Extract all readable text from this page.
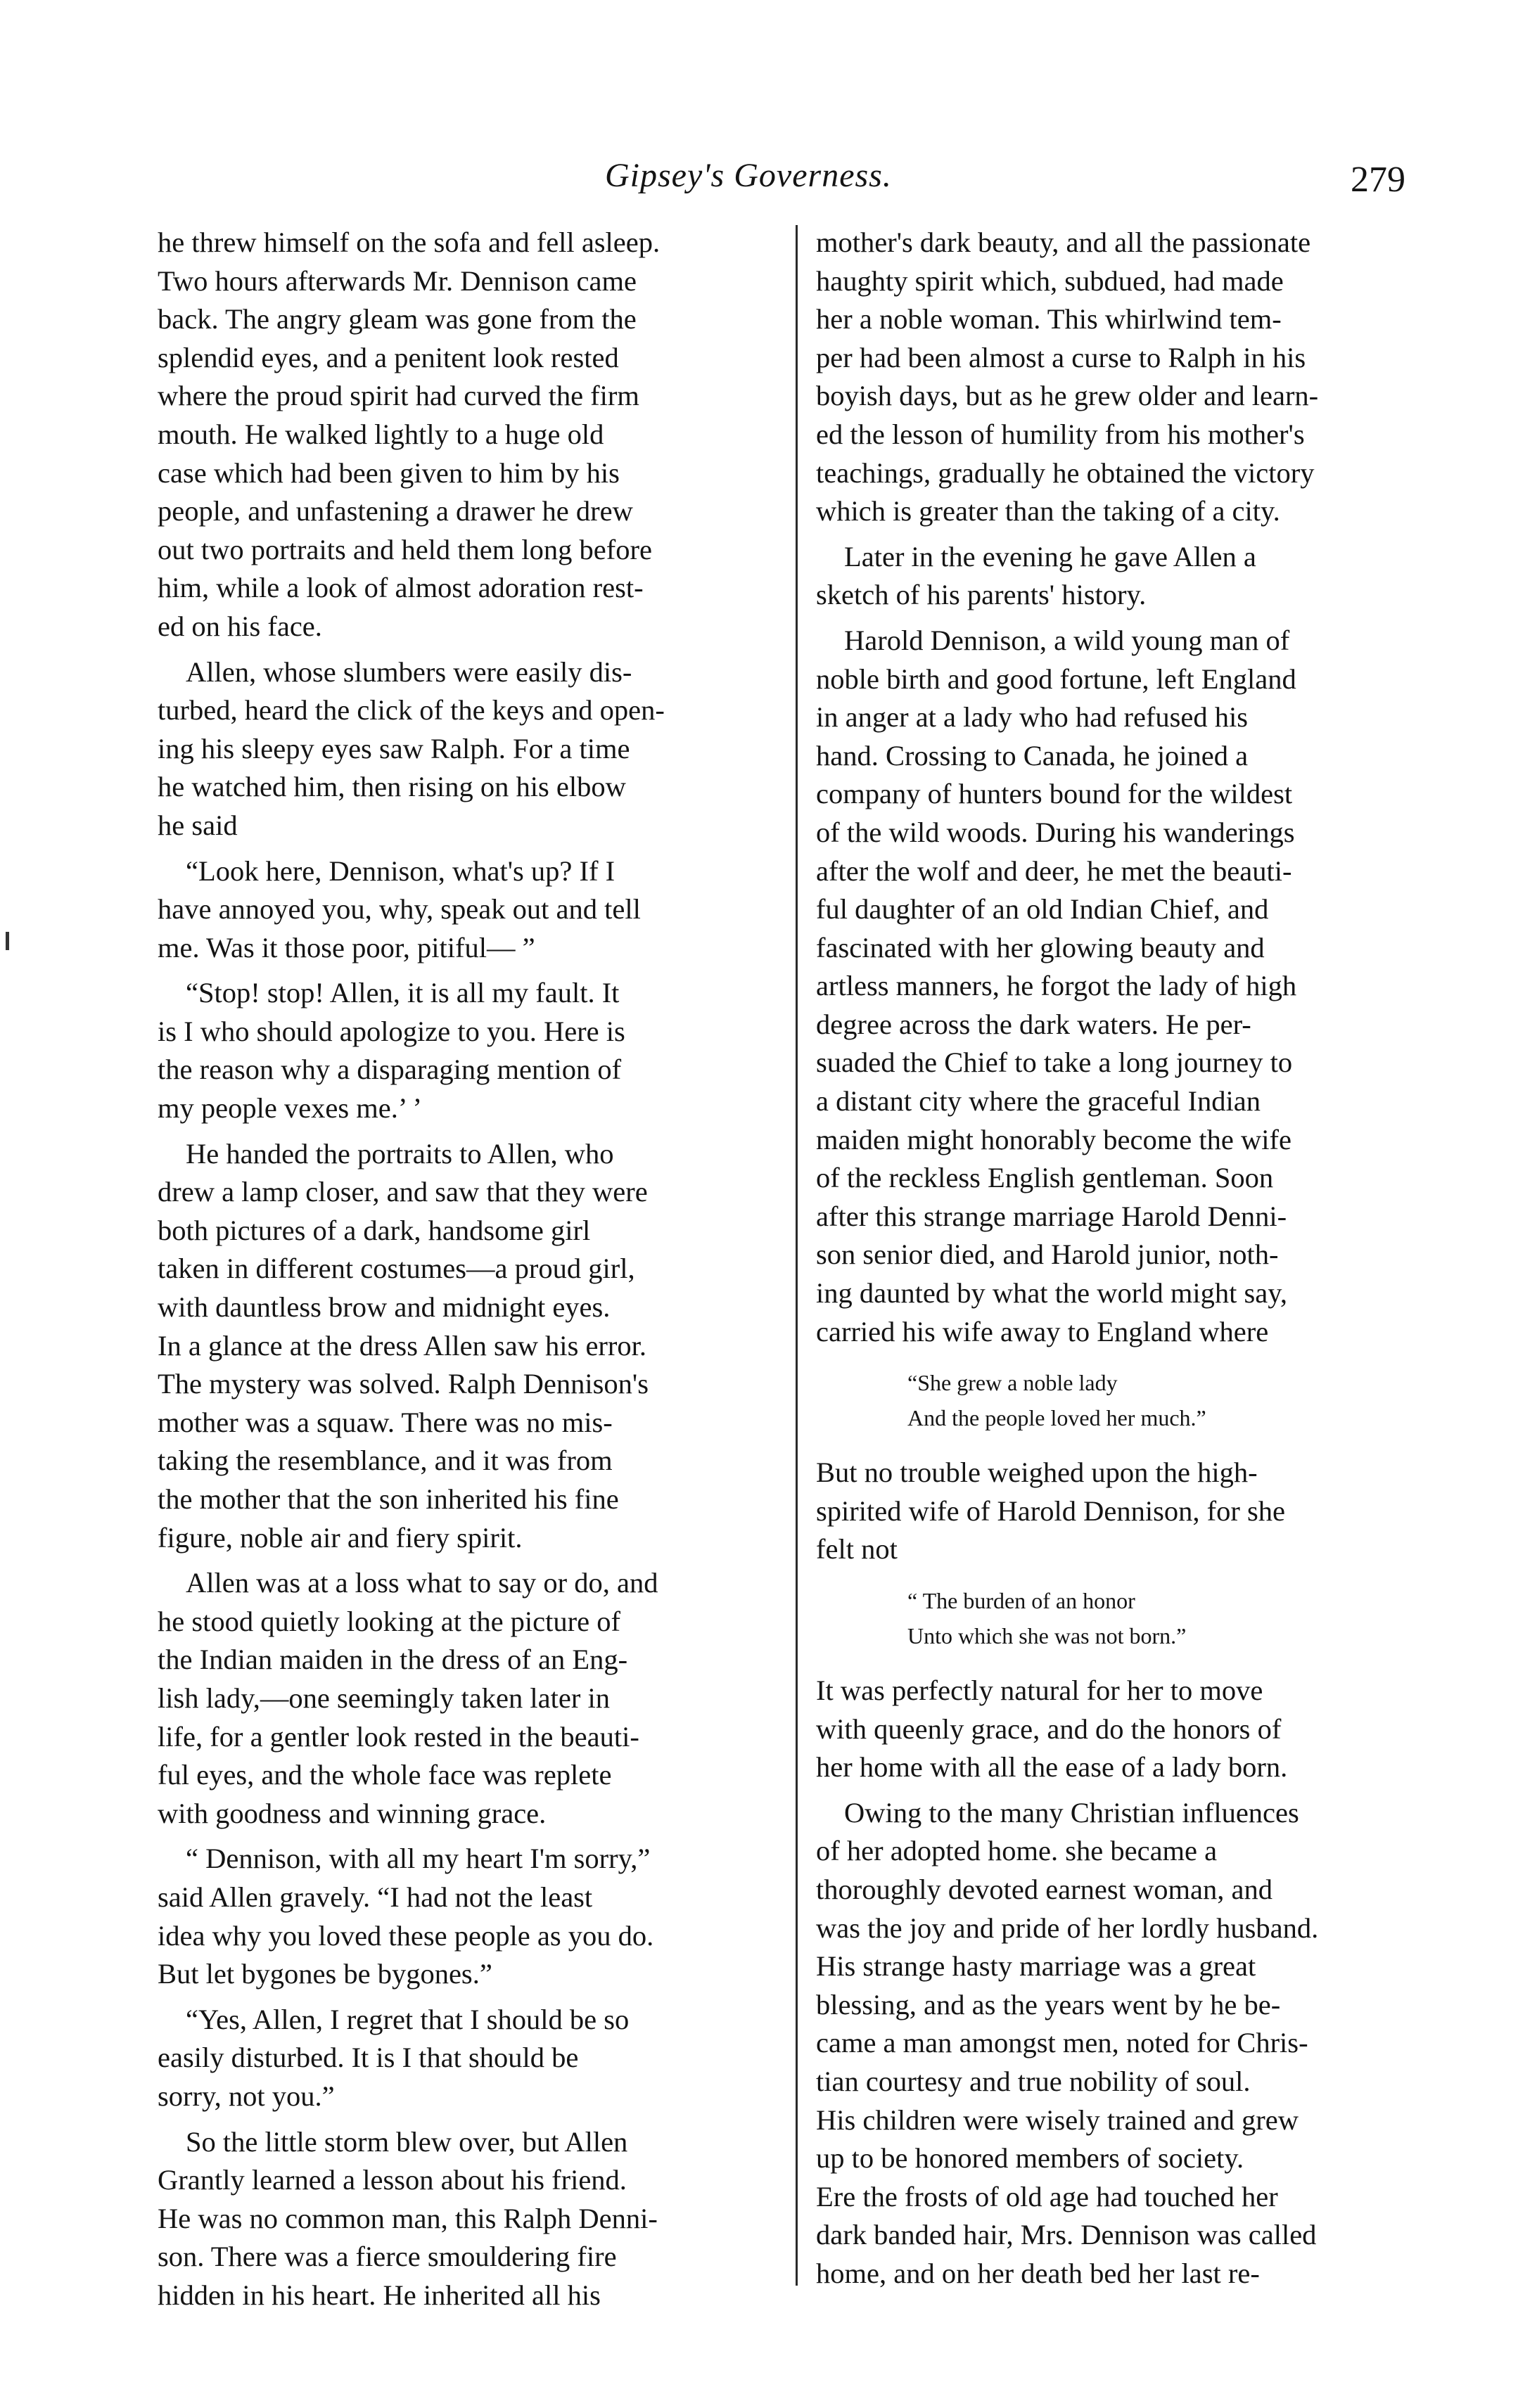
Gipsey's Governess.	279
he threw himself on the sofa and fell asleep.
Two hours afterwards Mr. Dennison came
back. The angry gleam was gone from the
splendid eyes, and a penitent look rested
where the proud spirit had curved the firm
mouth. He walked lightly to a huge old
case which had been given to him by his
people, and unfastening a drawer he drew
out two portraits and held them long before
him, while a look of almost adoration rest-
ed on his face.
Allen, whose slumbers were easily dis-
turbed, heard the click of the keys and open-
ing his sleepy eyes saw Ralph. For a time
he watched him, then rising on his elbow
he said
“Look here, Dennison, what's up? If I
have annoyed you, why, speak out and tell
me. Was it those poor, pitiful— ”
“Stop! stop! Allen, it is all my fault. It
is I who should apologize to you. Here is
the reason why a disparaging mention of
my people vexes me.’ ’
He handed the portraits to Allen, who
drew a lamp closer, and saw that they were
both pictures of a dark, handsome girl
taken in different costumes—a proud girl,
with dauntless brow and midnight eyes.
In a glance at the dress Allen saw his error.
The mystery was solved. Ralph Dennison's
mother was a squaw. There was no mis-
taking the resemblance, and it was from
the mother that the son inherited his fine
figure, noble air and fiery spirit.
Allen was at a loss what to say or do, and
he stood quietly looking at the picture of
the Indian maiden in the dress of an Eng-
lish lady,—one seemingly taken later in
life, for a gentler look rested in the beauti-
ful eyes, and the whole face was replete
with goodness and winning grace.
“ Dennison, with all my heart I'm sorry,”
said Allen gravely. “I had not the least
idea why you loved these people as you do.
But let bygones be bygones.”
“Yes, Allen, I regret that I should be so
easily disturbed. It is I that should be
sorry, not you.”
So the little storm blew over, but Allen
Grantly learned a lesson about his friend.
He was no common man, this Ralph Denni-
son. There was a fierce smouldering fire
hidden in his heart. He inherited all his
mother's dark beauty, and all the passionate
haughty spirit which, subdued, had made
her a noble woman. This whirlwind tem-
per had been almost a curse to Ralph in his
boyish days, but as he grew older and learn-
ed the lesson of humility from his mother's
teachings, gradually he obtained the victory
which is greater than the taking of a city.
Later in the evening he gave Allen a
sketch of his parents' history.
Harold Dennison, a wild young man of
noble birth and good fortune, left England
in anger at a lady who had refused his
hand. Crossing to Canada, he joined a
company of hunters bound for the wildest
of the wild woods. During his wanderings
after the wolf and deer, he met the beauti-
ful daughter of an old Indian Chief, and
fascinated with her glowing beauty and
artless manners, he forgot the lady of high
degree across the dark waters. He per-
suaded the Chief to take a long journey to
a distant city where the graceful Indian
maiden might honorably become the wife
of the reckless English gentleman. Soon
after this strange marriage Harold Denni-
son senior died, and Harold junior, noth-
ing daunted by what the world might say,
carried his wife away to England where
“She grew a noble lady
And the people loved her much.”
But no trouble weighed upon the high-
spirited wife of Harold Dennison, for she
felt not
“ The burden of an honor
Unto which she was not born.”
It was perfectly natural for her to move
with queenly grace, and do the honors of
her home with all the ease of a lady born.
Owing to the many Christian influences
of her adopted home. she became a
thoroughly devoted earnest woman, and
was the joy and pride of her lordly husband.
His strange hasty marriage was a great
blessing, and as the years went by he be-
came a man amongst men, noted for Chris-
tian courtesy and true nobility of soul.
His children were wisely trained and grew
up to be honored members of society.
Ere the frosts of old age had touched her
dark banded hair, Mrs. Dennison was called
home, and on her death bed her last re-
